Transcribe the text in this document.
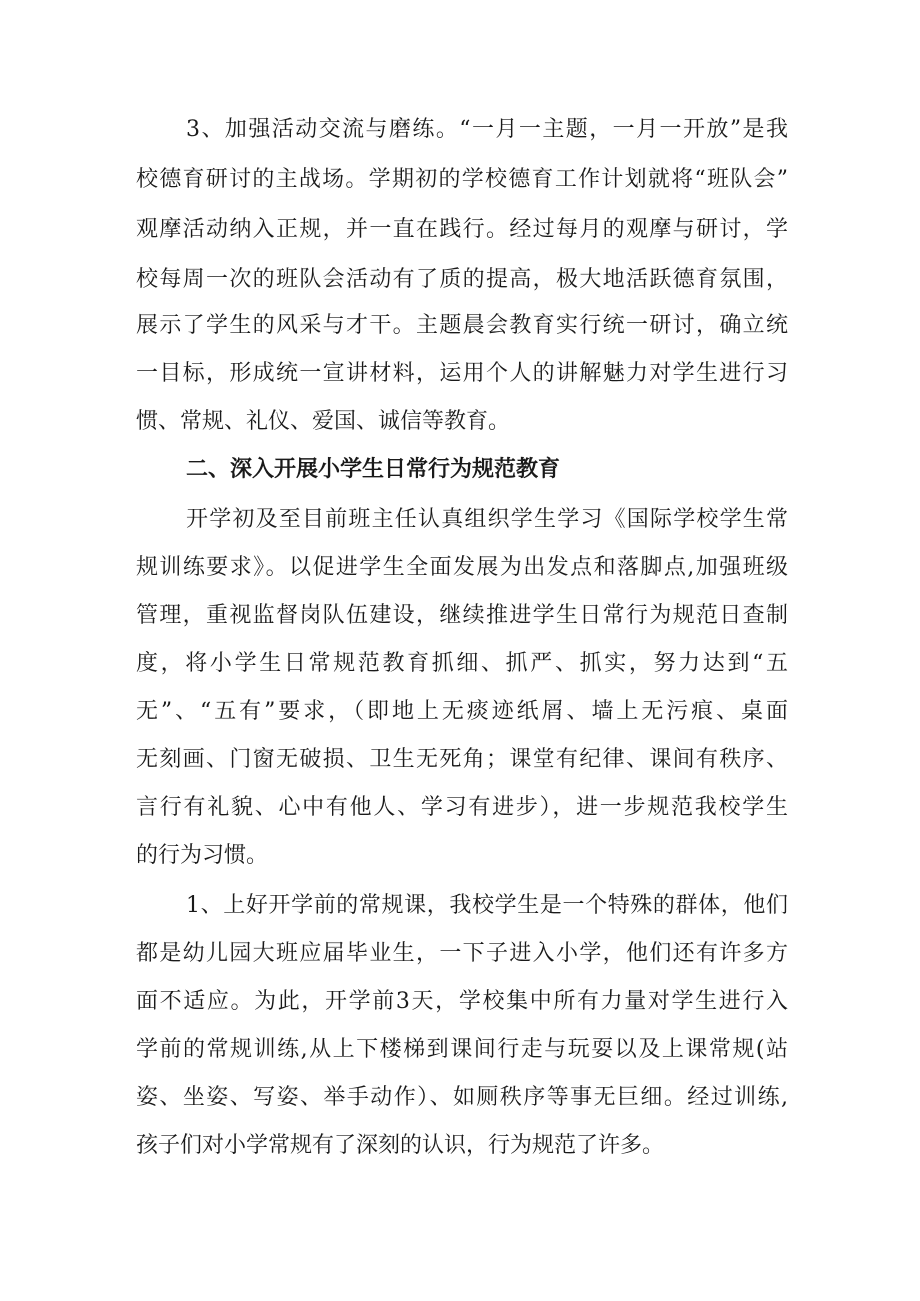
3、加强活动交流与磨练。“一月一主题，一月一开放”是我
校德育研讨的主战场。学期初的学校德育工作计划就将“班队会”
观摩活动纳入正规，并一直在践行。经过每月的观摩与研讨，学
校每周一次的班队会活动有了质的提高，极大地活跃德育氛围，
展示了学生的风采与才干。主题晨会教育实行统一研讨，确立统
一目标，形成统一宣讲材料，运用个人的讲解魅力对学生进行习
惯、常规、礼仪、爱国、诚信等教育。
二、深入开展小学生日常行为规范教育
开学初及至目前班主任认真组织学生学习《国际学校学生常
规训练要求》。以促进学生全面发展为出发点和落脚点,加强班级
管理，重视监督岗队伍建设，继续推进学生日常行为规范日查制
度，将小学生日常规范教育抓细、抓严、抓实，努力达到“五
无”、“五有”要求，（即地上无痰迹纸屑、墙上无污痕、桌面
无刻画、门窗无破损、卫生无死角；课堂有纪律、课间有秩序、
言行有礼貌、心中有他人、学习有进步），进一步规范我校学生
的行为习惯。
1、上好开学前的常规课，我校学生是一个特殊的群体，他们
都是幼儿园大班应届毕业生，一下子进入小学，他们还有许多方
面不适应。为此，开学前3天，学校集中所有力量对学生进行入
学前的常规训练,从上下楼梯到课间行走与玩耍以及上课常规(站
姿、坐姿、写姿、举手动作）、如厕秩序等事无巨细。经过训练,
孩子们对小学常规有了深刻的认识，行为规范了许多。
